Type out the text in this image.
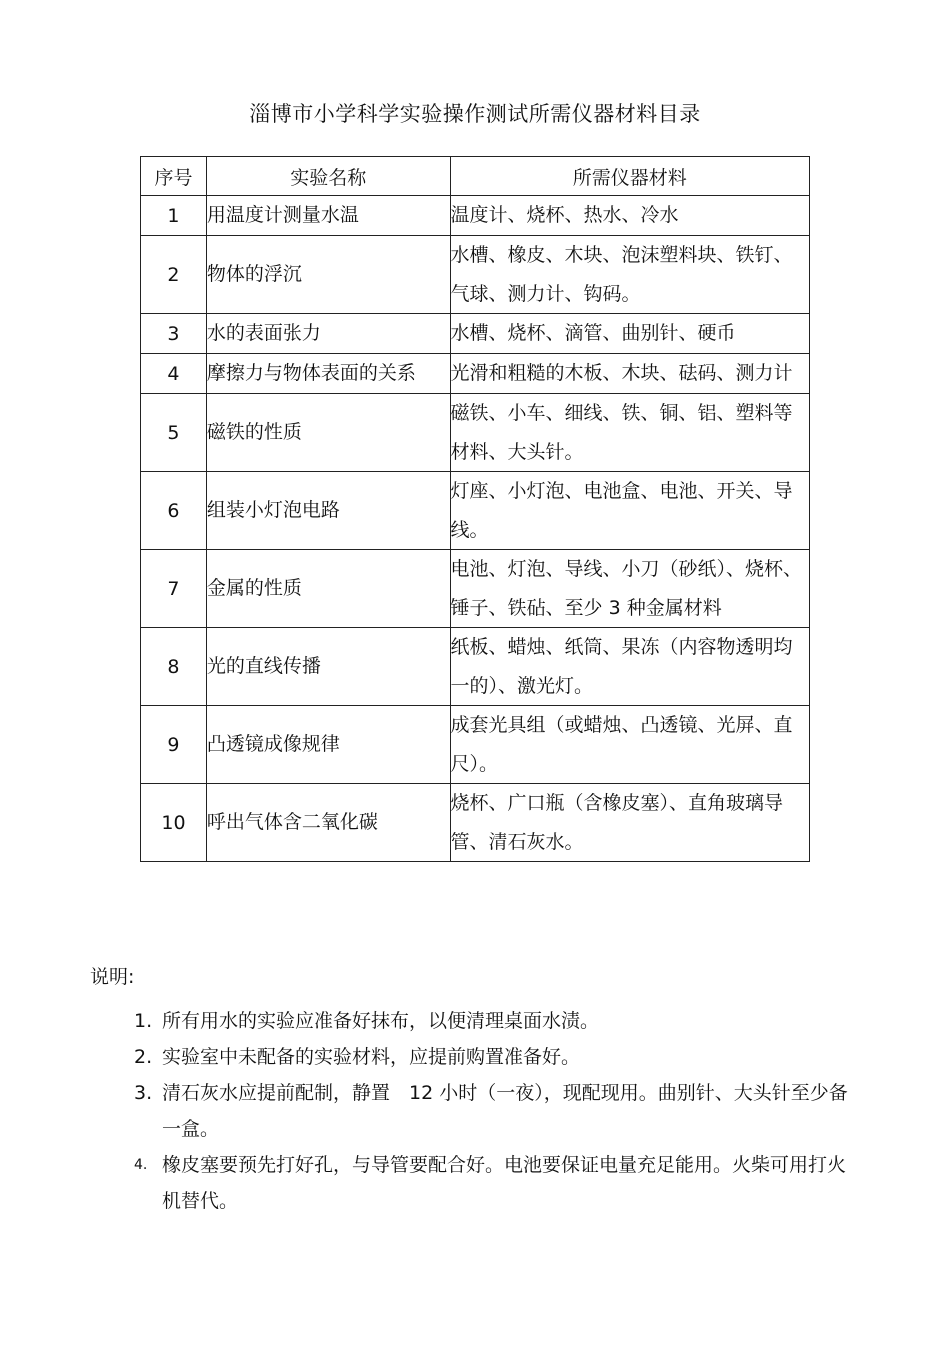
淄博市小学科学实验操作测试所需仪器材料目录
序号	实验名称	所需仪器材料
1	用温度计测量水温	温度计、烧杯、热水、冷水
2	物体的浮沉	水槽、橡皮、木块、泡沫塑料块、铁钉、气球、测力计、钩码。
3	水的表面张力	水槽、烧杯、滴管、曲别针、硬币
4	摩擦力与物体表面的关系	光滑和粗糙的木板、木块、砝码、测力计
5	磁铁的性质	磁铁、小车、细线、铁、铜、铝、塑料等材料、大头针。
6	组装小灯泡电路	灯座、小灯泡、电池盒、电池、开关、导线。
7	金属的性质	电池、灯泡、导线、小刀（砂纸）、烧杯、锤子、铁砧、至少 3 种金属材料
8	光的直线传播	纸板、蜡烛、纸筒、果冻（内容物透明均一的）、激光灯。
9	凸透镜成像规律	成套光具组（或蜡烛、凸透镜、光屏、直尺）。
10	呼出气体含二氧化碳	烧杯、广口瓶（含橡皮塞）、直角玻璃导管、清石灰水。
说明:
1. 所有用水的实验应准备好抹布，以便清理桌面水渍。
2. 实验室中未配备的实验材料，应提前购置准备好。
3. 清石灰水应提前配制，静置　12 小时（一夜），现配现用。曲别针、大头针至少备一盒。
4. 橡皮塞要预先打好孔，与导管要配合好。电池要保证电量充足能用。火柴可用打火机替代。
